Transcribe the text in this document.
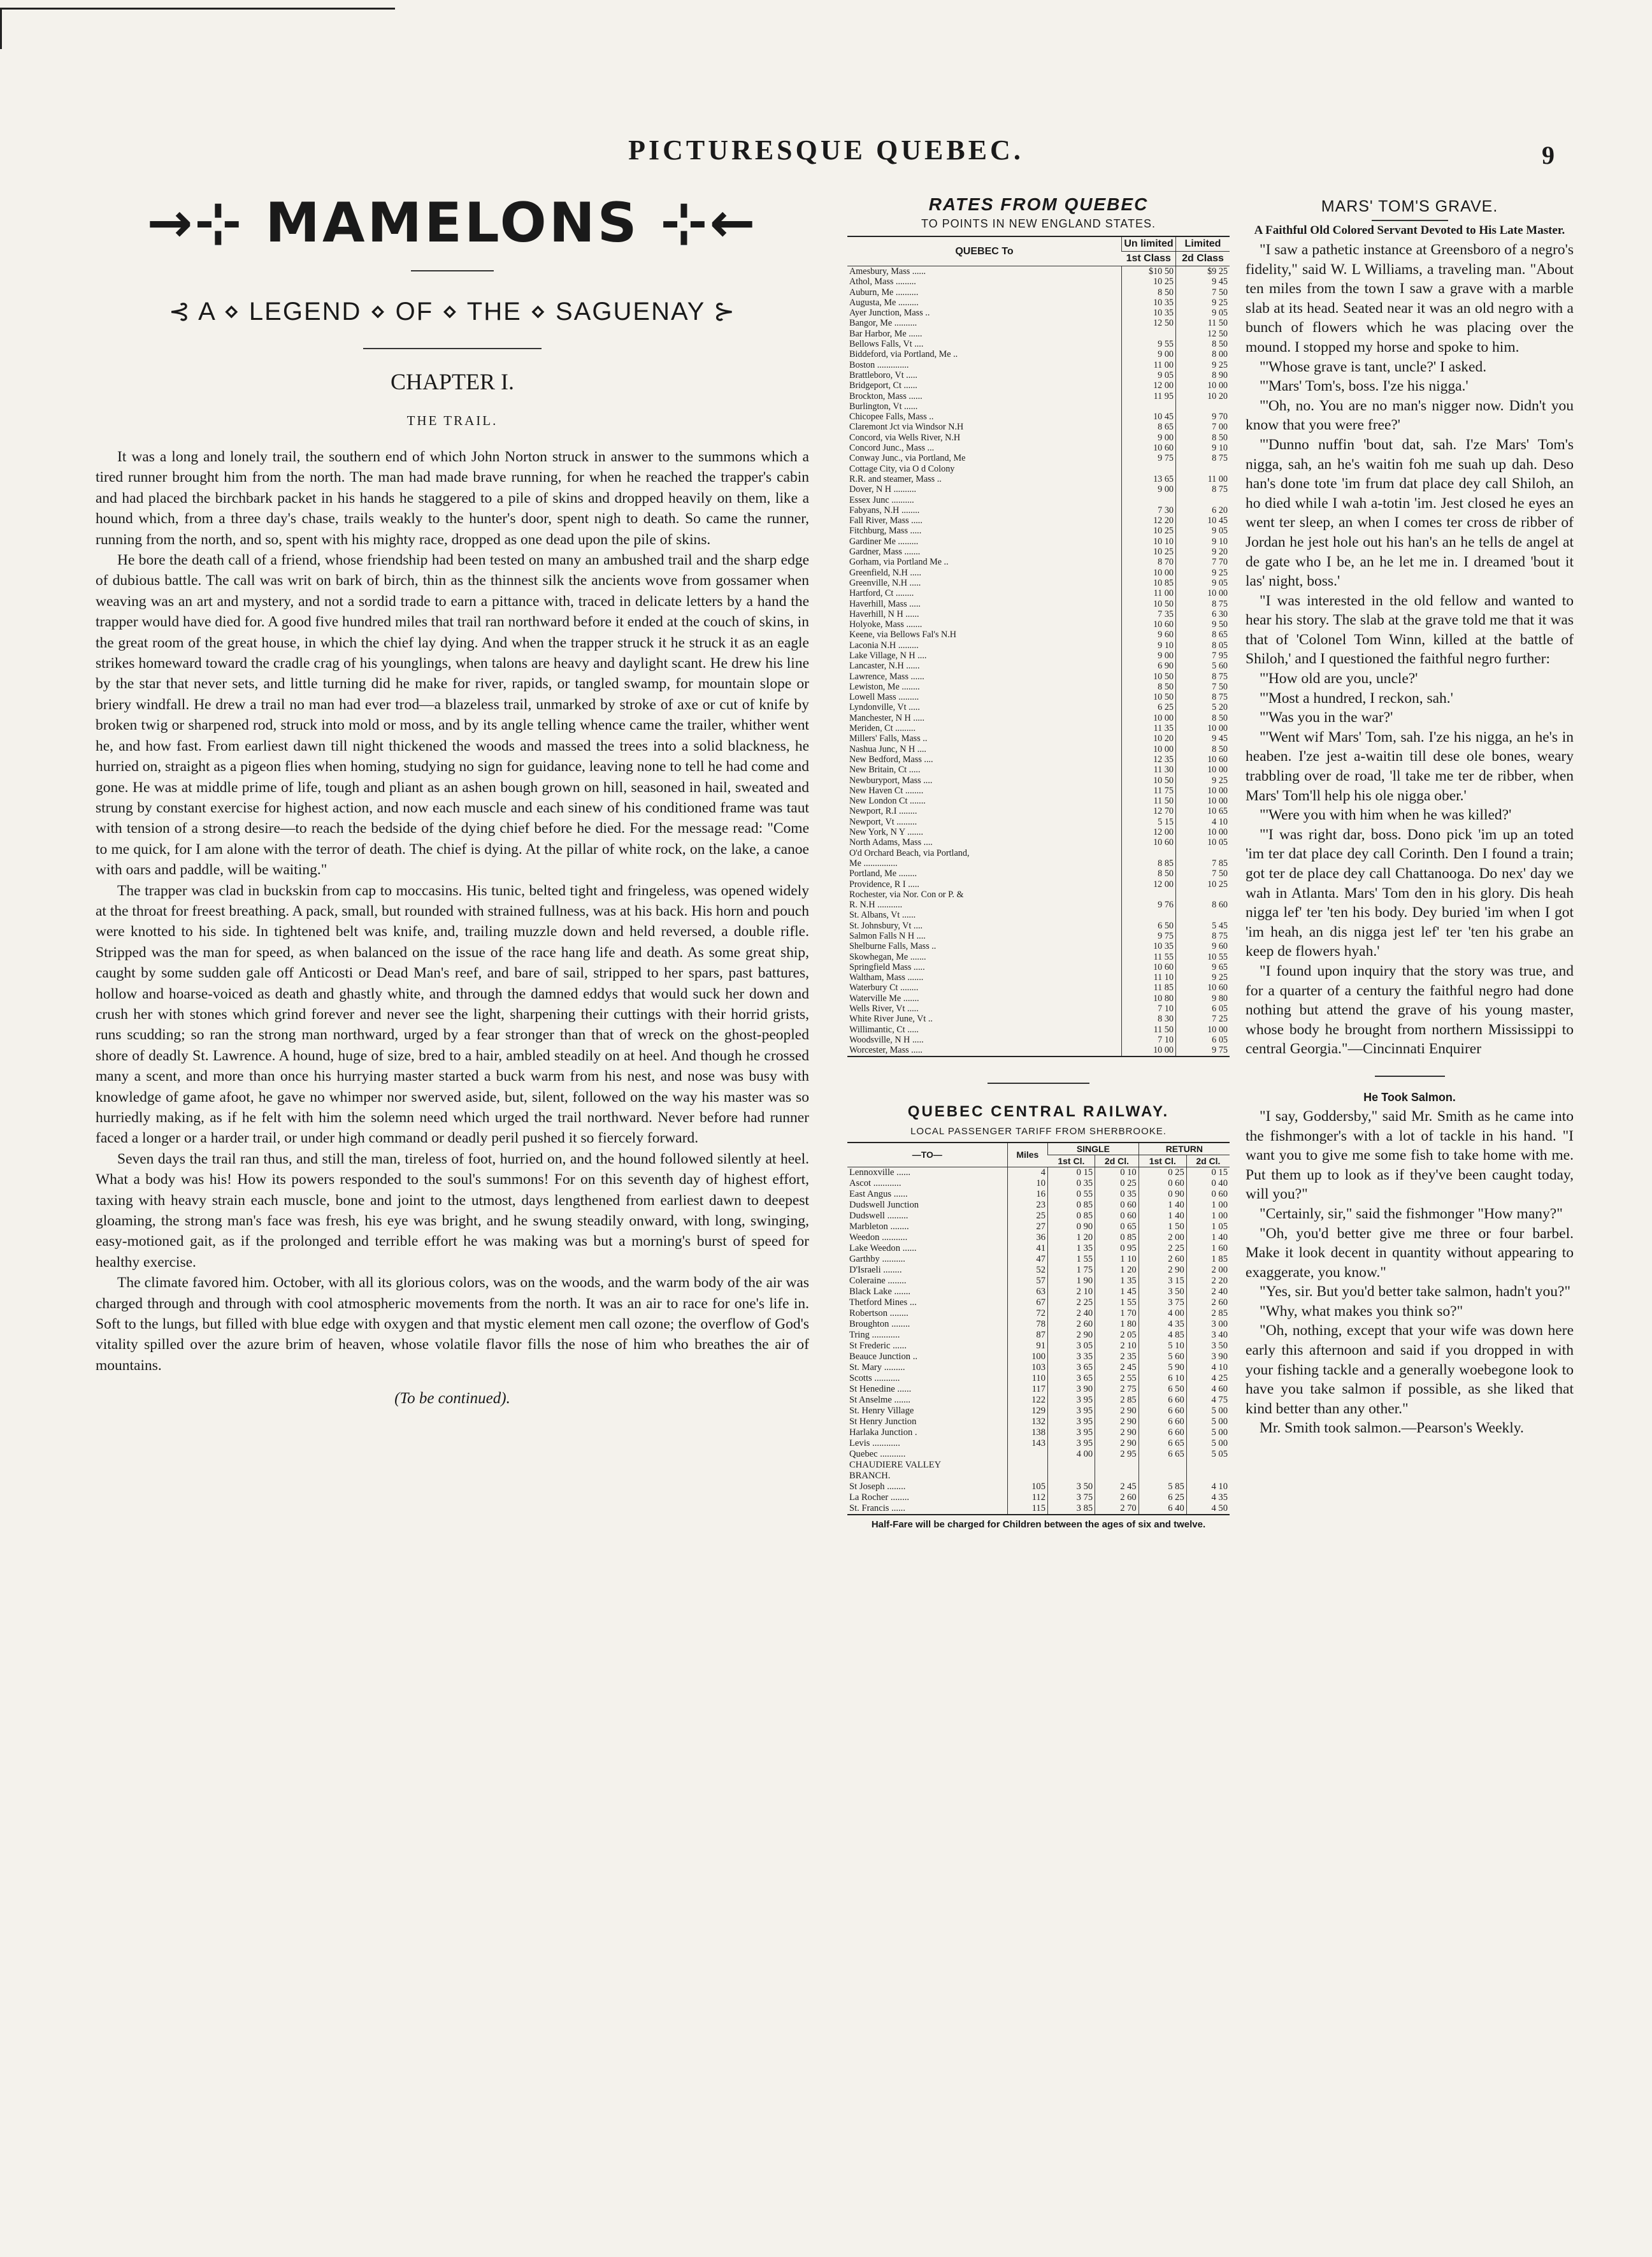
PICTURESQUE QUEBEC.	9
→⊹ MAMELONS ⊹←
⊰ A ⋄ LEGEND ⋄ OF ⋄ THE ⋄ SAGUENAY ⊱
CHAPTER I.
THE TRAIL.

It was a long and lonely trail, the southern end of which John Norton struck in answer to the summons which a tired runner brought him from the north. The man had made brave running, for when he reached the trapper's cabin and had placed the birchbark packet in his hands he staggered to a pile of skins and dropped heavily on them, like a hound which, from a three day's chase, trails weakly to the hunter's door, spent nigh to death. So came the runner, running from the north, and so, spent with his mighty race, dropped as one dead upon the pile of skins.

He bore the death call of a friend, whose friendship had been tested on many an ambushed trail and the sharp edge of dubious battle. The call was writ on bark of birch, thin as the thinnest silk the ancients wove from gossamer when weaving was an art and mystery, and not a sordid trade to earn a pittance with, traced in delicate letters by a hand the trapper would have died for. A good five hundred miles that trail ran northward before it ended at the couch of skins, in the great room of the great house, in which the chief lay dying. And when the trapper struck it he struck it as an eagle strikes homeward toward the cradle crag of his younglings, when talons are heavy and daylight scant. He drew his line by the star that never sets, and little turning did he make for river, rapids, or tangled swamp, for mountain slope or briery windfall. He drew a trail no man had ever trod—a blazeless trail, unmarked by stroke of axe or cut of knife by broken twig or sharpened rod, struck into mold or moss, and by its angle telling whence came the trailer, whither went he, and how fast. From earliest dawn till night thickened the woods and massed the trees into a solid blackness, he hurried on, straight as a pigeon flies when homing, studying no sign for guidance, leaving none to tell he had come and gone. He was at middle prime of life, tough and pliant as an ashen bough grown on hill, seasoned in hail, sweated and strung by constant exercise for highest action, and now each muscle and each sinew of his conditioned frame was taut with tension of a strong desire—to reach the bedside of the dying chief before he died. For the message read: "Come to me quick, for I am alone with the terror of death. The chief is dying. At the pillar of white rock, on the lake, a canoe with oars and paddle, will be waiting."

The trapper was clad in buckskin from cap to moccasins. His tunic, belted tight and fringeless, was opened widely at the throat for freest breathing. A pack, small, but rounded with strained fullness, was at his back. His horn and pouch were knotted to his side. In tightened belt was knife, and, trailing muzzle down and held reversed, a double rifle. Stripped was the man for speed, as when balanced on the issue of the race hang life and death. As some great ship, caught by some sudden gale off Anticosti or Dead Man's reef, and bare of sail, stripped to her spars, past battures, hollow and hoarse-voiced as death and ghastly white, and through the damned eddys that would suck her down and crush her with stones which grind forever and never see the light, sharpening their cuttings with their horrid grists, runs scudding; so ran the strong man northward, urged by a fear stronger than that of wreck on the ghost-peopled shore of deadly St. Lawrence. A hound, huge of size, bred to a hair, ambled steadily on at heel. And though he crossed many a scent, and more than once his hurrying master started a buck warm from his nest, and nose was busy with knowledge of game afoot, he gave no whimper nor swerved aside, but, silent, followed on the way his master was so hurriedly making, as if he felt with him the solemn need which urged the trail northward. Never before had runner faced a longer or a harder trail, or under high command or deadly peril pushed it so fiercely forward.

Seven days the trail ran thus, and still the man, tireless of foot, hurried on, and the hound followed silently at heel. What a body was his! How its powers responded to the soul's summons! For on this seventh day of highest effort, taxing with heavy strain each muscle, bone and joint to the utmost, days lengthened from earliest dawn to deepest gloaming, the strong man's face was fresh, his eye was bright, and he swung steadily onward, with long, swinging, easy-motioned gait, as if the prolonged and terrible effort he was making was but a morning's burst of speed for healthy exercise.

The climate favored him. October, with all its glorious colors, was on the woods, and the warm body of the air was charged through and through with cool atmospheric movements from the north. It was an air to race for one's life in. Soft to the lungs, but filled with blue edge with oxygen and that mystic element men call ozone; the overflow of God's vitality spilled over the azure brim of heaven, whose volatile flavor fills the nose of him who breathes the air of mountains.

(To be continued).
RATES FROM QUEBEC
TO POINTS IN NEW ENGLAND STATES.
QUEBEC To	Un limited	Limited
	1st Class	2d Class
Amesbury, Mass ......	$10 50	$9 25
Athol, Mass .........	10 25	9 45
Auburn, Me ..........	8 50	7 50
Augusta, Me .........	10 35	9 25
Ayer Junction, Mass ..	10 35	9 05
Bangor, Me ..........	12 50	11 50
Bar Harbor, Me ......		12 50
Bellows Falls, Vt ....	9 55	8 50
Biddeford, via Portland, Me ..	9 00	8 00
Boston ..............	11 00	9 25
Brattleboro, Vt .....	9 05	8 90
Bridgeport, Ct ......	12 00	10 00
Brockton, Mass ......	11 95	10 20
Burlington, Vt ......		
Chicopee Falls, Mass ..	10 45	9 70
Claremont Jct via Windsor N.H	8 65	7 00
Concord, via Wells River, N.H	9 00	8 50
Concord Junc., Mass ...	10 60	9 10
Conway Junc., via Portland, Me	9 75	8 75
Cottage City, via O d Colony		
R.R. and steamer, Mass ..	13 65	11 00
Dover, N H ..........	9 00	8 75
Essex Junc ..........		
Fabyans, N.H ........	7 30	6 20
Fall River, Mass .....	12 20	10 45
Fitchburg, Mass .....	10 25	9 05
Gardiner Me .........	10 10	9 10
Gardner, Mass .......	10 25	9 20
Gorham, via Portland Me ..	8 70	7 70
Greenfield, N.H .....	10 00	9 25
Greenville, N.H .....	10 85	9 05
Hartford, Ct ........	11 00	10 00
Haverhill, Mass .....	10 50	8 75
Haverhill, N H ......	7 35	6 30
Holyoke, Mass .......	10 60	9 50
Keene, via Bellows Fal's N.H	9 60	8 65
Laconia N.H .........	9 10	8 05
Lake Village, N H ....	9 00	7 95
Lancaster, N.H ......	6 90	5 60
Lawrence, Mass ......	10 50	8 75
Lewiston, Me ........	8 50	7 50
Lowell Mass .........	10 50	8 75
Lyndonville, Vt .....	6 25	5 20
Manchester, N H .....	10 00	8 50
Meriden, Ct .........	11 35	10 00
Millers' Falls, Mass ..	10 20	9 45
Nashua Junc, N H ....	10 00	8 50
New Bedford, Mass ....	12 35	10 60
New Britain, Ct .....	11 30	10 00
Newburyport, Mass ....	10 50	9 25
New Haven Ct ........	11 75	10 00
New London Ct .......	11 50	10 00
Newport, R.I ........	12 70	10 65
Newport, Vt .........	5 15	4 10
New York, N Y .......	12 00	10 00
North Adams, Mass ....	10 60	10 05
O'd Orchard Beach, via Portland,		
Me ...............	8 85	7 85
Portland, Me ........	8 50	7 50
Providence, R I .....	12 00	10 25
Rochester, via Nor. Con or P. &		
R. N.H ...........	9 76	8 60
St. Albans, Vt ......		
St. Johnsbury, Vt ....	6 50	5 45
Salmon Falls N H ....	9 75	8 75
Shelburne Falls, Mass ..	10 35	9 60
Skowhegan, Me .......	11 55	10 55
Springfield Mass .....	10 60	9 65
Waltham, Mass .......	11 10	9 25
Waterbury Ct ........	11 85	10 60
Waterville Me .......	10 80	9 80
Wells River, Vt .....	7 10	6 05
White River June, Vt ..	8 30	7 25
Willimantic, Ct .....	11 50	10 00
Woodsville, N H .....	7 10	6 05
Worcester, Mass .....	10 00	9 75
QUEBEC CENTRAL RAILWAY.
LOCAL PASSENGER TARIFF FROM SHERBROOKE.
—TO—	Miles	SINGLE		RETURN	
		1st Cl.	2d Cl.	1st Cl.	2d Cl.
Lennoxville ......	4	0 15	0 10	0 25	0 15
Ascot ............	10	0 35	0 25	0 60	0 40
East Angus ......	16	0 55	0 35	0 90	0 60
Dudswell Junction	23	0 85	0 60	1 40	1 00
Dudswell .........	25	0 85	0 60	1 40	1 00
Marbleton ........	27	0 90	0 65	1 50	1 05
Weedon ...........	36	1 20	0 85	2 00	1 40
Lake Weedon ......	41	1 35	0 95	2 25	1 60
Garthby ..........	47	1 55	1 10	2 60	1 85
D'Israeli ........	52	1 75	1 20	2 90	2 00
Coleraine ........	57	1 90	1 35	3 15	2 20
Black Lake .......	63	2 10	1 45	3 50	2 40
Thetford Mines ...	67	2 25	1 55	3 75	2 60
Robertson ........	72	2 40	1 70	4 00	2 85
Broughton ........	78	2 60	1 80	4 35	3 00
Tring ............	87	2 90	2 05	4 85	3 40
St Frederic ......	91	3 05	2 10	5 10	3 50
Beauce Junction ..	100	3 35	2 35	5 60	3 90
St. Mary .........	103	3 65	2 45	5 90	4 10
Scotts ...........	110	3 65	2 55	6 10	4 25
St Henedine ......	117	3 90	2 75	6 50	4 60
St Anselme .......	122	3 95	2 85	6 60	4 75
St. Henry Village	129	3 95	2 90	6 60	5 00
St Henry Junction	132	3 95	2 90	6 60	5 00
Harlaka Junction .	138	3 95	2 90	6 60	5 00
Levis ............	143	3 95	2 90	6 65	5 00
Quebec ...........		4 00	2 95	6 65	5 05
CHAUDIERE VALLEY					
BRANCH.					
St Joseph ........	105	3 50	2 45	5 85	4 10
La Rocher ........	112	3 75	2 60	6 25	4 35
St. Francis ......	115	3 85	2 70	6 40	4 50
Half-Fare will be charged for Children between the ages of six and twelve.
MARS' TOM'S GRAVE.
A Faithful Old Colored Servant Devoted to His Late Master.

"I saw a pathetic instance at Greensboro of a negro's fidelity," said W. L Williams, a traveling man. "About ten miles from the town I saw a grave with a marble slab at its head. Seated near it was an old negro with a bunch of flowers which he was placing over the mound. I stopped my horse and spoke to him.

"'Whose grave is tant, uncle?' I asked.

"'Mars' Tom's, boss. I'ze his nigga.'

"'Oh, no. You are no man's nigger now. Didn't you know that you were free?'

"'Dunno nuffin 'bout dat, sah. I'ze Mars' Tom's nigga, sah, an he's waitin foh me suah up dah. Deso han's done tote 'im frum dat place dey call Shiloh, an ho died while I wah a-totin 'im. Jest closed he eyes an went ter sleep, an when I comes ter cross de ribber of Jordan he jest hole out his han's an he tells de angel at de gate who I be, an he let me in. I dreamed 'bout it las' night, boss.'

"I was interested in the old fellow and wanted to hear his story. The slab at the grave told me that it was that of 'Colonel Tom Winn, killed at the battle of Shiloh,' and I questioned the faithful negro further:

"'How old are you, uncle?'

"'Most a hundred, I reckon, sah.'

"'Was you in the war?'

"'Went wif Mars' Tom, sah. I'ze his nigga, an he's in heaben. I'ze jest a-waitin till dese ole bones, weary trabbling over de road, 'll take me ter de ribber, when Mars' Tom'll help his ole nigga ober.'

"'Were you with him when he was killed?'

"'I was right dar, boss. Dono pick 'im up an toted 'im ter dat place dey call Corinth. Den I found a train; got ter de place dey call Chattanooga. Do nex' day we wah in Atlanta. Mars' Tom den in his glory. Dis heah nigga lef' ter 'ten his body. Dey buried 'im when I got 'im heah, an dis nigga jest lef' ter 'ten his grabe an keep de flowers hyah.'

"I found upon inquiry that the story was true, and for a quarter of a century the faithful negro had done nothing but attend the grave of his young master, whose body he brought from northern Mississippi to central Georgia."—Cincinnati Enquirer

He Took Salmon.

"I say, Goddersby," said Mr. Smith as he came into the fishmonger's with a lot of tackle in his hand. "I want you to give me some fish to take home with me. Put them up to look as if they've been caught today, will you?"

"Certainly, sir," said the fishmonger "How many?"

"Oh, you'd better give me three or four barbel. Make it look decent in quantity without appearing to exaggerate, you know."

"Yes, sir. But you'd better take salmon, hadn't you?"

"Why, what makes you think so?"

"Oh, nothing, except that your wife was down here early this afternoon and said if you dropped in with your fishing tackle and a generally woebegone look to have you take salmon if possible, as she liked that kind better than any other."

Mr. Smith took salmon.—Pearson's Weekly.
